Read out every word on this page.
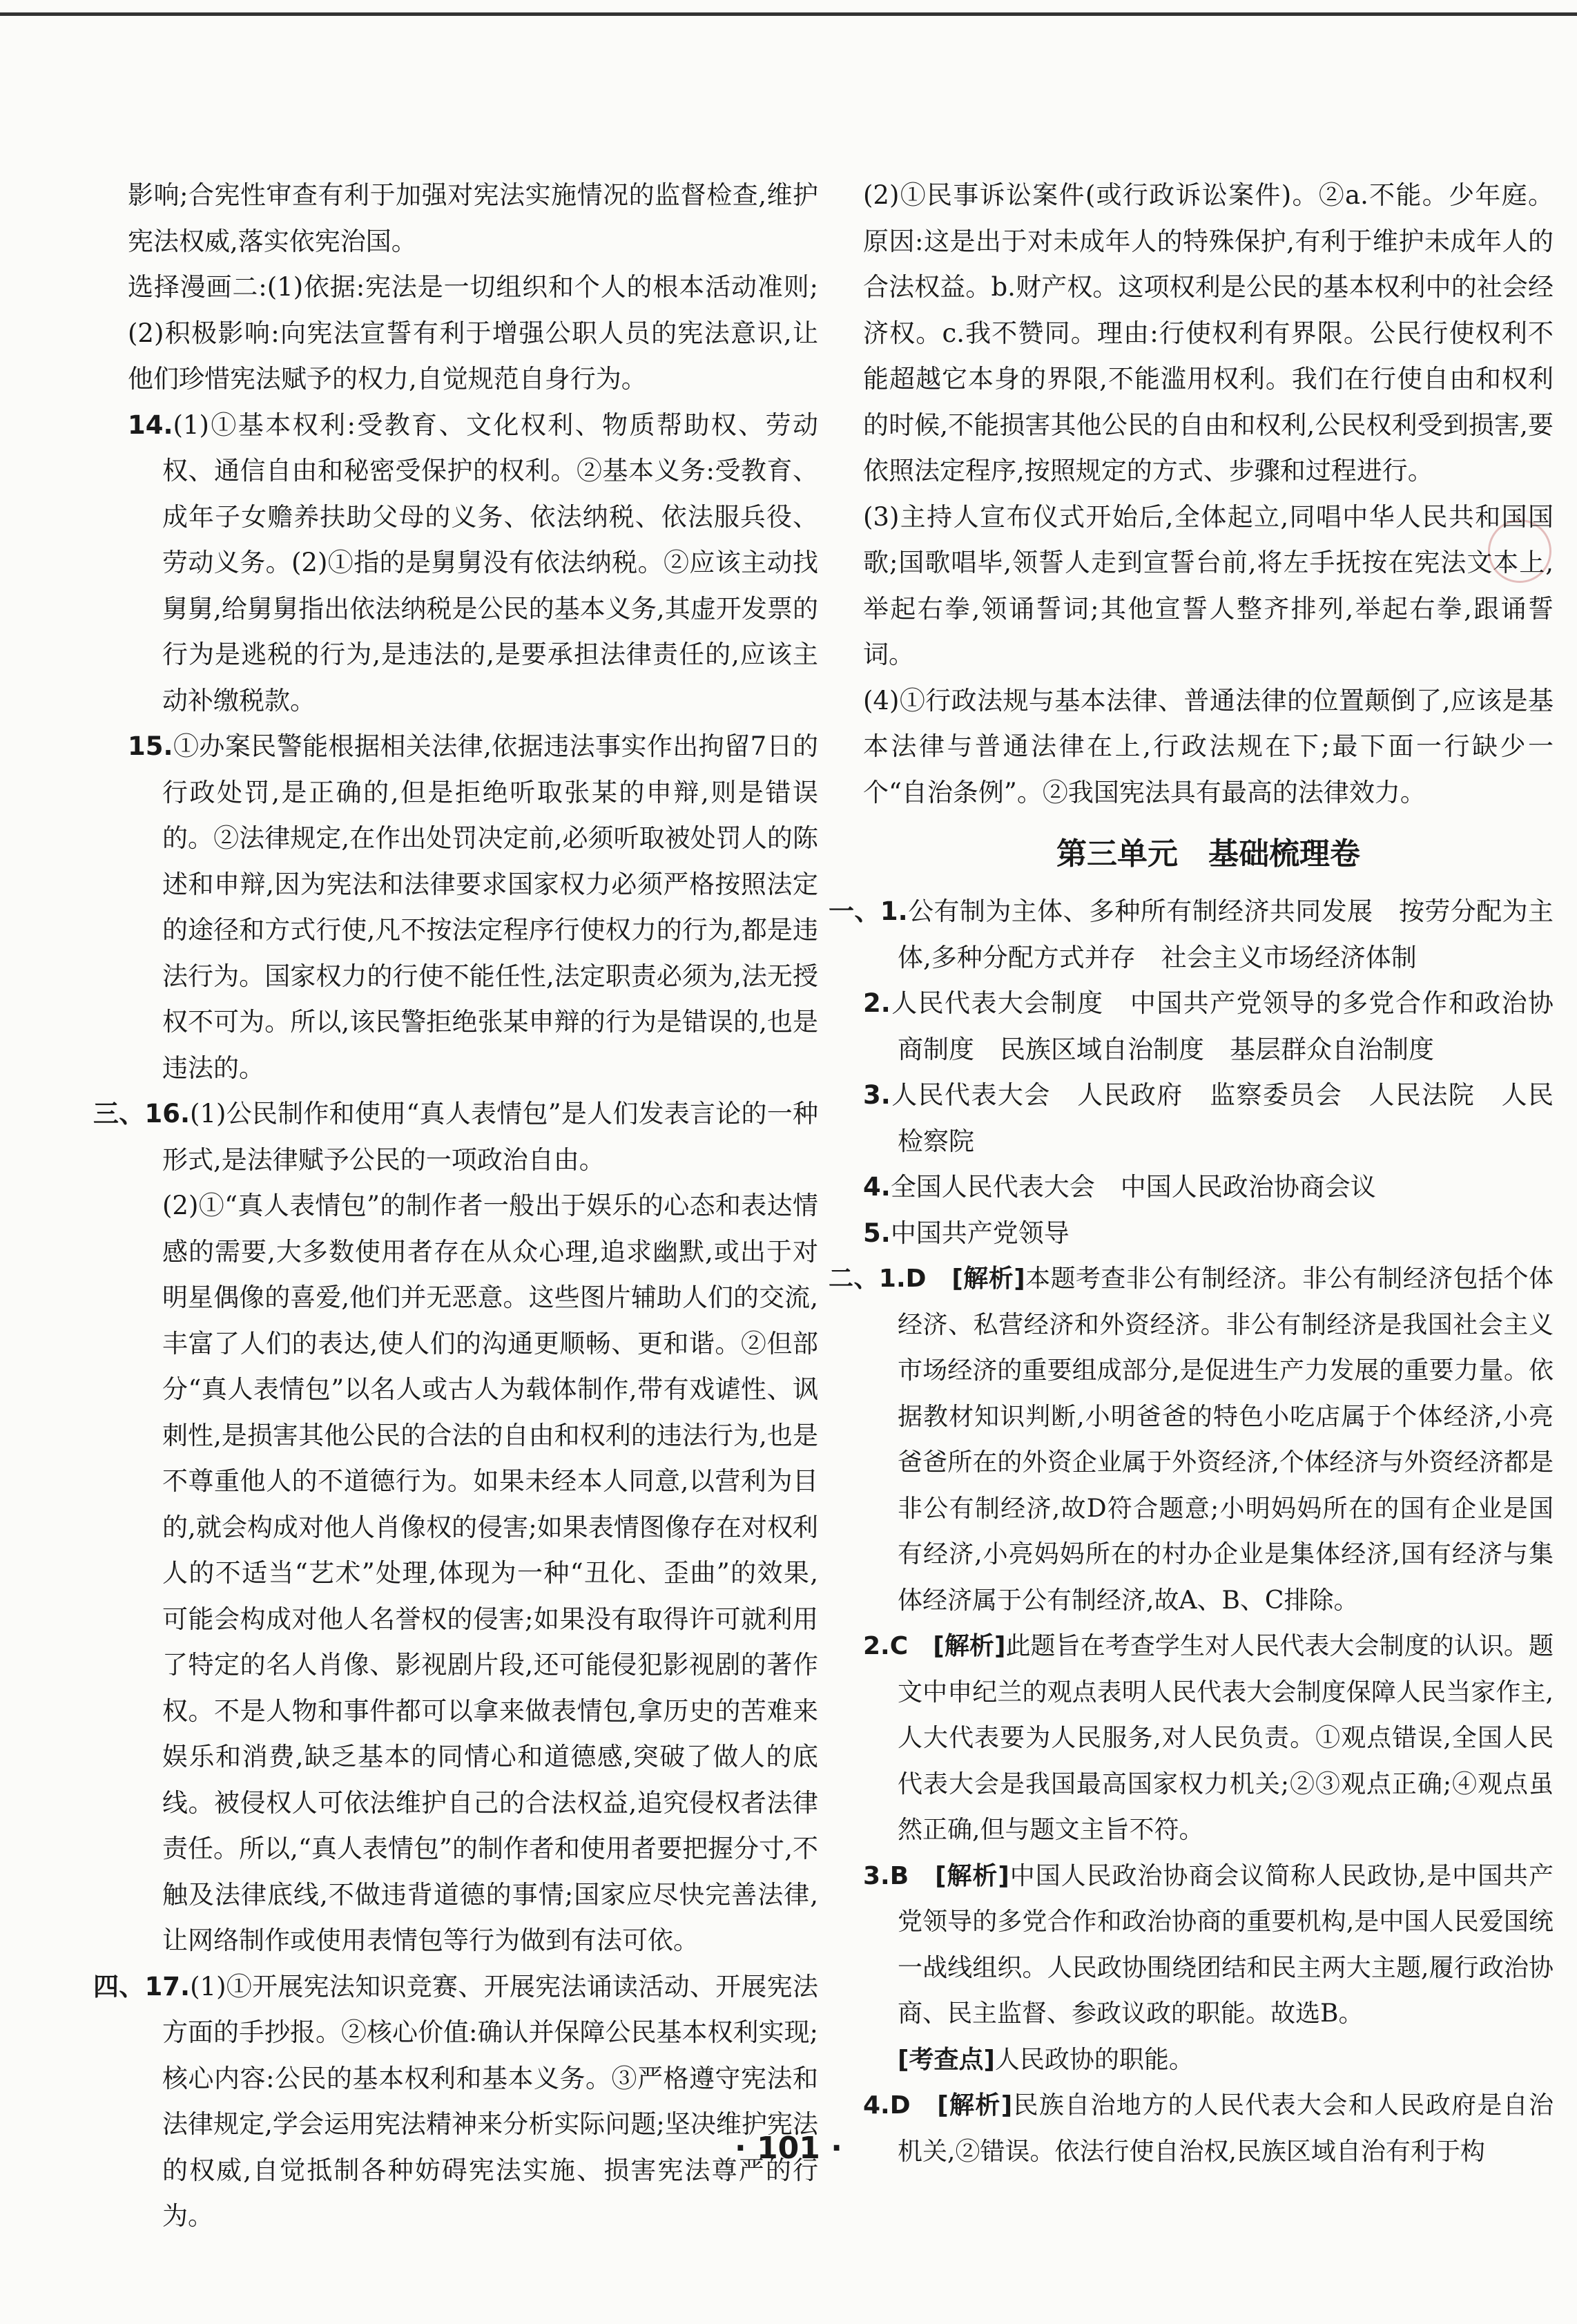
影响;合宪性审查有利于加强对宪法实施情况的监督检查,维护宪法权威,落实依宪治国。

选择漫画二:(1)依据:宪法是一切组织和个人的根本活动准则;(2)积极影响:向宪法宣誓有利于增强公职人员的宪法意识,让他们珍惜宪法赋予的权力,自觉规范自身行为。

14.(1)①基本权利:受教育、文化权利、物质帮助权、劳动权、通信自由和秘密受保护的权利。②基本义务:受教育、成年子女赡养扶助父母的义务、依法纳税、依法服兵役、劳动义务。(2)①指的是舅舅没有依法纳税。②应该主动找舅舅,给舅舅指出依法纳税是公民的基本义务,其虚开发票的行为是逃税的行为,是违法的,是要承担法律责任的,应该主动补缴税款。

15.①办案民警能根据相关法律,依据违法事实作出拘留7日的行政处罚,是正确的,但是拒绝听取张某的申辩,则是错误的。②法律规定,在作出处罚决定前,必须听取被处罚人的陈述和申辩,因为宪法和法律要求国家权力必须严格按照法定的途径和方式行使,凡不按法定程序行使权力的行为,都是违法行为。国家权力的行使不能任性,法定职责必须为,法无授权不可为。所以,该民警拒绝张某申辩的行为是错误的,也是违法的。

三、16.(1)公民制作和使用“真人表情包”是人们发表言论的一种形式,是法律赋予公民的一项政治自由。

(2)①“真人表情包”的制作者一般出于娱乐的心态和表达情感的需要,大多数使用者存在从众心理,追求幽默,或出于对明星偶像的喜爱,他们并无恶意。这些图片辅助人们的交流,丰富了人们的表达,使人们的沟通更顺畅、更和谐。②但部分“真人表情包”以名人或古人为载体制作,带有戏谑性、讽刺性,是损害其他公民的合法的自由和权利的违法行为,也是不尊重他人的不道德行为。如果未经本人同意,以营利为目的,就会构成对他人肖像权的侵害;如果表情图像存在对权利人的不适当“艺术”处理,体现为一种“丑化、歪曲”的效果,可能会构成对他人名誉权的侵害;如果没有取得许可就利用了特定的名人肖像、影视剧片段,还可能侵犯影视剧的著作权。不是人物和事件都可以拿来做表情包,拿历史的苦难来娱乐和消费,缺乏基本的同情心和道德感,突破了做人的底线。被侵权人可依法维护自己的合法权益,追究侵权者法律责任。所以,“真人表情包”的制作者和使用者要把握分寸,不触及法律底线,不做违背道德的事情;国家应尽快完善法律,让网络制作或使用表情包等行为做到有法可依。

四、17.(1)①开展宪法知识竞赛、开展宪法诵读活动、开展宪法方面的手抄报。②核心价值:确认并保障公民基本权利实现;核心内容:公民的基本权利和基本义务。③严格遵守宪法和法律规定,学会运用宪法精神来分析实际问题;坚决维护宪法的权威,自觉抵制各种妨碍宪法实施、损害宪法尊严的行为。

(2)①民事诉讼案件(或行政诉讼案件)。②a.不能。少年庭。原因:这是出于对未成年人的特殊保护,有利于维护未成年人的合法权益。b.财产权。这项权利是公民的基本权利中的社会经济权。c.我不赞同。理由:行使权利有界限。公民行使权利不能超越它本身的界限,不能滥用权利。我们在行使自由和权利的时候,不能损害其他公民的自由和权利,公民权利受到损害,要依照法定程序,按照规定的方式、步骤和过程进行。

(3)主持人宣布仪式开始后,全体起立,同唱中华人民共和国国歌;国歌唱毕,领誓人走到宣誓台前,将左手抚按在宪法文本上,举起右拳,领诵誓词;其他宣誓人整齐排列,举起右拳,跟诵誓词。

(4)①行政法规与基本法律、普通法律的位置颠倒了,应该是基本法律与普通法律在上,行政法规在下;最下面一行缺少一个“自治条例”。②我国宪法具有最高的法律效力。

第三单元　基础梳理卷

一、1.公有制为主体、多种所有制经济共同发展　按劳分配为主体,多种分配方式并存　社会主义市场经济体制

2.人民代表大会制度　中国共产党领导的多党合作和政治协商制度　民族区域自治制度　基层群众自治制度

3.人民代表大会　人民政府　监察委员会　人民法院　人民检察院

4.全国人民代表大会　中国人民政治协商会议

5.中国共产党领导

二、1.D　 [解析]本题考查非公有制经济。非公有制经济包括个体经济、私营经济和外资经济。非公有制经济是我国社会主义市场经济的重要组成部分,是促进生产力发展的重要力量。依据教材知识判断,小明爸爸的特色小吃店属于个体经济,小亮爸爸所在的外资企业属于外资经济,个体经济与外资经济都是非公有制经济,故D符合题意;小明妈妈所在的国有企业是国有经济,小亮妈妈所在的村办企业是集体经济,国有经济与集体经济属于公有制经济,故A、B、C排除。

2.C　 [解析]此题旨在考查学生对人民代表大会制度的认识。题文中申纪兰的观点表明人民代表大会制度保障人民当家作主,人大代表要为人民服务,对人民负责。①观点错误,全国人民代表大会是我国最高国家权力机关;②③观点正确;④观点虽然正确,但与题文主旨不符。

3.B　 [解析]中国人民政治协商会议简称人民政协,是中国共产党领导的多党合作和政治协商的重要机构,是中国人民爱国统一战线组织。人民政协围绕团结和民主两大主题,履行政治协商、民主监督、参政议政的职能。故选B。

[考查点]人民政协的职能。

4.D　 [解析]民族自治地方的人民代表大会和人民政府是自治机关,②错误。依法行使自治权,民族区域自治有利于构

· 101 ·
